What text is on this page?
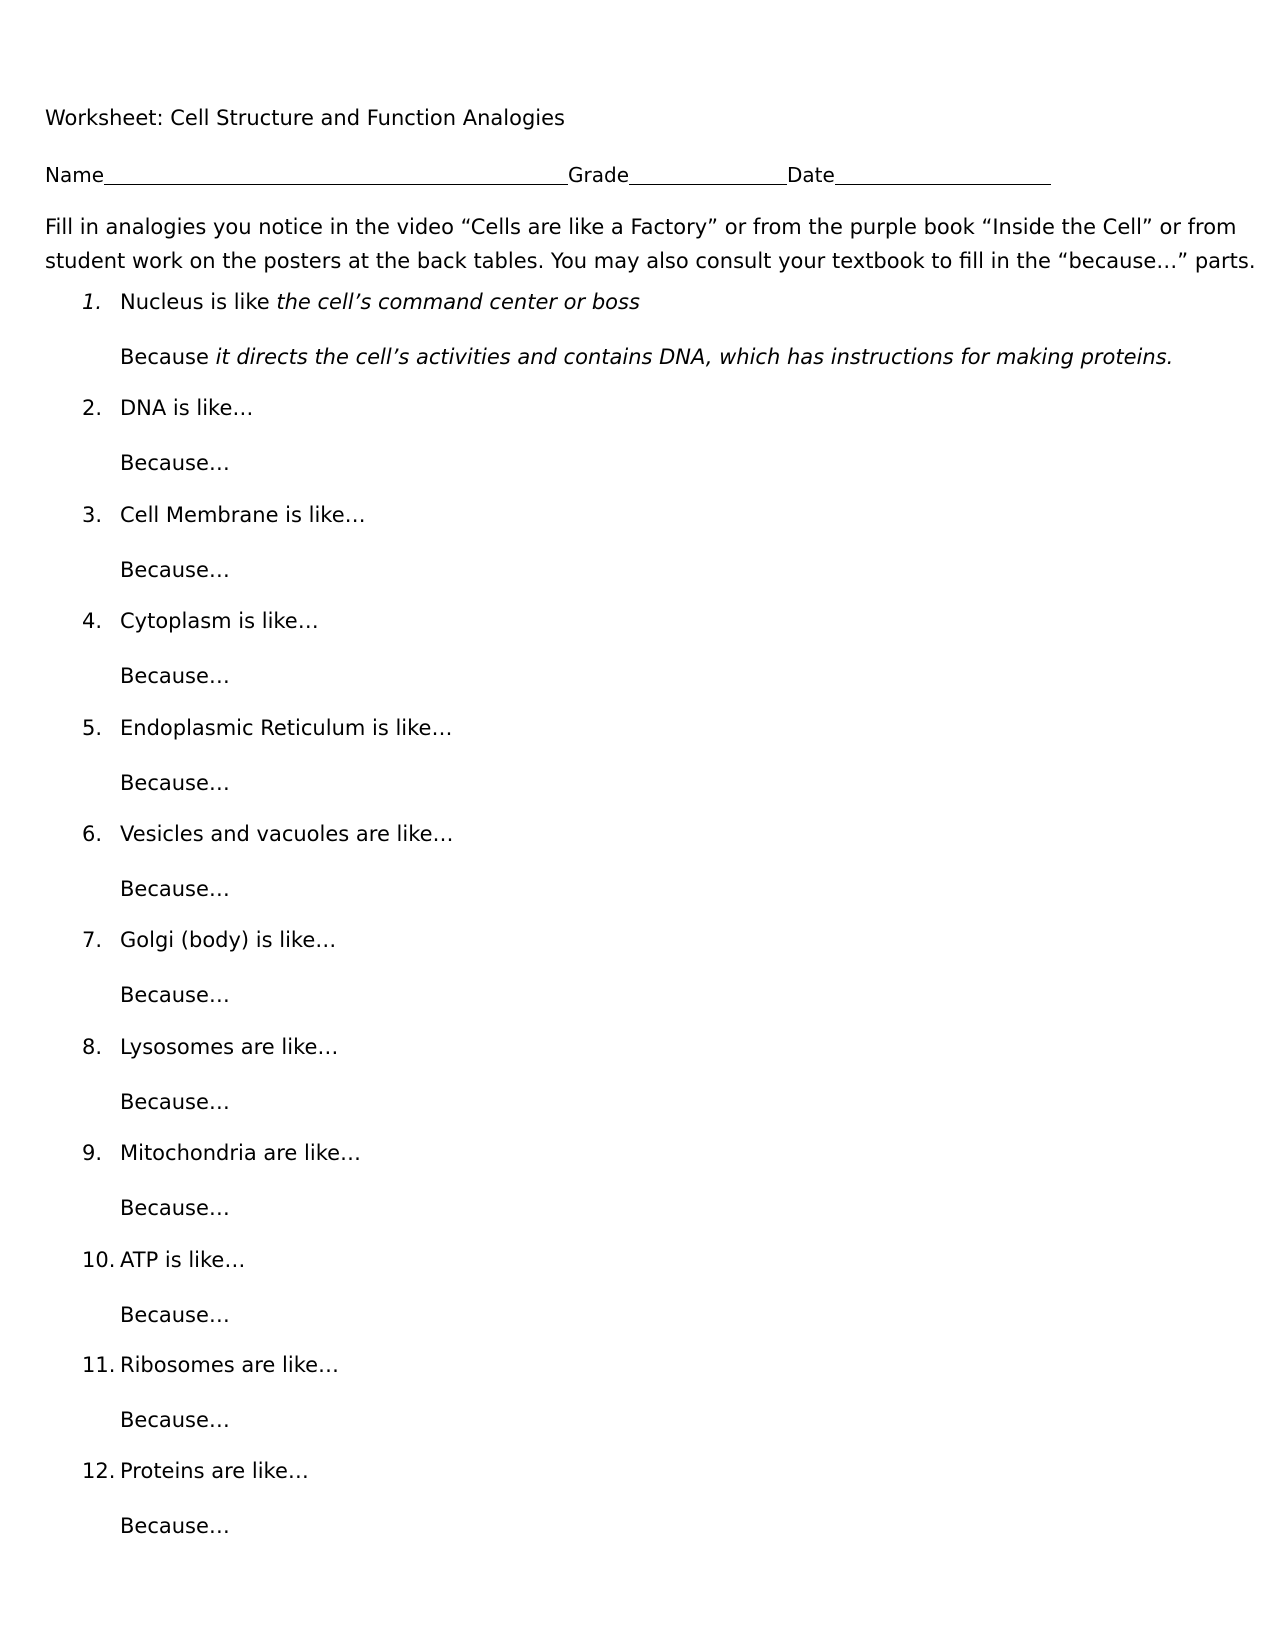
Worksheet: Cell Structure and Function Analogies
Name	Grade	Date

Fill in analogies you notice in the video “Cells are like a Factory” or from the purple book “Inside the Cell” or from

student work on the posters at the back tables. You may also consult your textbook to fill in the “because…” parts.

1. Nucleus is like the cell’s command center or boss
Because it directs the cell’s activities and contains DNA, which has instructions for making proteins.
2. DNA is like…
Because…
3. Cell Membrane is like…
Because…
4. Cytoplasm is like…
Because…
5. Endoplasmic Reticulum is like…
Because…
6. Vesicles and vacuoles are like…
Because…
7. Golgi (body) is like…
Because…
8. Lysosomes are like…
Because…
9. Mitochondria are like…
Because…
10. ATP is like…
Because…
11. Ribosomes are like…
Because…
12. Proteins are like…
Because…
